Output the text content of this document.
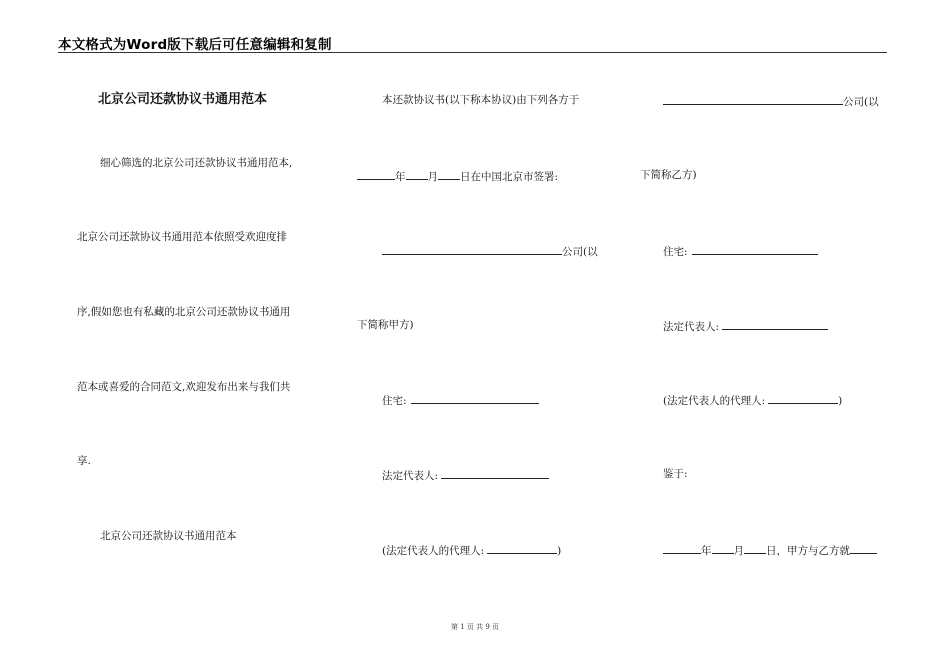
本文格式为Word版下载后可任意编辑和复制
北京公司还款协议书通用范本
细心筛选的北京公司还款协议书通用范本,
北京公司还款协议书通用范本依照受欢迎度排
序,假如您也有私藏的北京公司还款协议书通用
范本或喜爱的合同范文,欢迎发布出来与我们共
享.
北京公司还款协议书通用范本
本还款协议书(以下称本协议)由下列各方于
年 月 日在中国北京市签署:
公司(以
下简称甲方)
住宅:
法定代表人:
(法定代表人的代理人:	)
公司(以
下简称乙方)
住宅:
法定代表人:
(法定代表人的代理人:	)
鉴于:
年 月 日，甲方与乙方就
第 1 页 共 9 页
